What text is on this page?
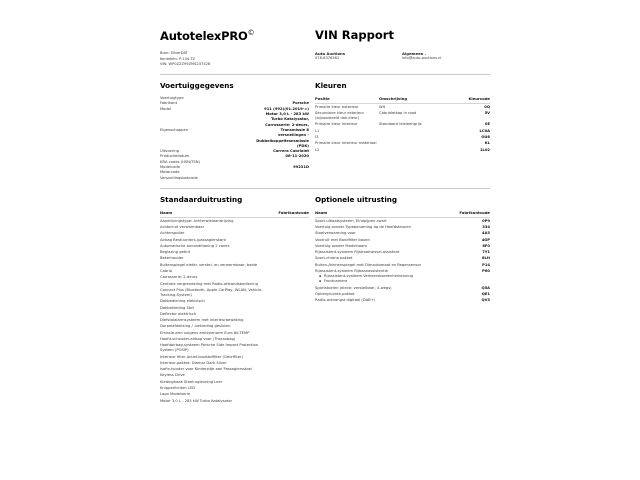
AutotelexPRO©
Bron: SilverDAT
Kenteken: P-154-TZ
VIN: WP0ZZZ99ZMS237328
VIN Rapport
Auto Auctions
078-6376361
Algemeen .
info@auto-auctions.nl
Voertuiggegevens
Voertuigtype
Fabrikant	Porsche
Model	911 (992)(01.2019->)
Motor 3,0 L - 283 kW
Turbo Katalysator,
Carrosserie: 2-deurs,
Eigenschappen	Transmissie 8
versnellingen -
Dubbelkoppeltransmissie
(PDK)
Uitvoering	Carrera Cabriolet
Productiedatum	06-11-2020
KBA codes (HSN/TSN)	-
Modelcode	99231D
Motorcode
Versnellingsbakcode
Kleuren
Positie	Omschrijving	Kleurcode
Primaire kleur exterieur	Wit	0Q
Secundaire kleur exterieur (bijvoorbeeld dak-kleur)	Cabrioletkap in rood	5V
Primaire kleur interieur	Standaard leisteengrijs	0E
L1		LC0A
I3		OU6
Primaire kleur interieur materiaal		KL
L2		1L02
Standaarduitrusting
Naam	Fabrikantcode
Aandrijvingstype: Achterwielaandrijving	
Achterruit verwarmbaar	
Achterspoiler	
Airbag Bestuurders-/passagierskant	
Automatische airconditioning 2 zones	
Beglazing getint	
Bekerhouder	
Buitenspiegel elektr. verstel- en verwarmbaar, beide	
Cabrio	
Carrosserie: 2-deurs	
Centrale vergrendeling met Radio-afstandsbediening	
Connect Plus (Bluetooth, Apple CarPlay, WLAN, Vehicle-Tracking-System)	
Dakbediening elektrisch	
Dakbekleding Stof	
Deflector elektrisch	
Diefstalalarmsysteem met Interieurbewaking	
Dorpelafdekking / -bekleding gesloten	
Emissie-arm volgens emissienorm Euro 6d-TEMP	
Hoofd-schouder-airbag voor (Thoraxbag)	
Hoofdairbag-systeem Porsche Side Impact Protection System (POSIP)	
Interieur filter Actief-koolstoffilter (Geurfilter)	
Interieur-pakket: Diamar Dark Silver	
Isofix-houder voor Kinderzitje aan Passagiersstoel	
Keyless Drive	
Kledinghaak Stoelrugleuning Leer	
Knipperlichten LED	
Logo Modelserie	
Motor 3,0 L - 283 kW Turbo Katalysator	
Optionele uitrusting
Naam	Fabrikantcode
Sport-uitlaatsysteem, Eindpijpen zwart	0P9
Voertuig zonder Typebenaming op de Hoofdsteunen	334
Stoelverwarming voor	4A3
Voorruit met Bandfilter boven	4GP
Voertuig zonder Modelnaam	6F0
Rijassistent-systeem Rijstrookwissel-assistent	7Y1
Sport-chrono pakket	8LH
Buiten-/binnenspiegel met Dimautomaat en Regensensor	P14
Rijassistent-systeem Rijbaanassistentie
▪ Rijassistent-systeem Verkeersbordenherkenning
▪ Frontcamera
	P60
Sportstoelen (electr. verstelbaar, 4-wegs)	Q5A
Opbergruimte-pakket	QE1
Radio-ontvangst digitaal (DAB+)	QV3
